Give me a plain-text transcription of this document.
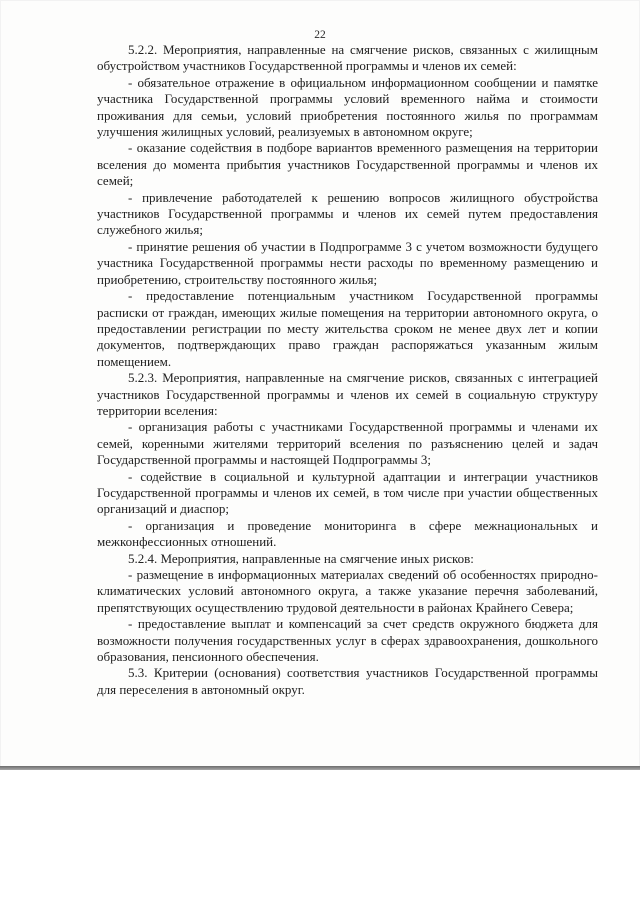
22

5.2.2. Мероприятия, направленные на смягчение рисков, связанных с жилищным обустройством участников Государственной программы и членов их семей:

- обязательное отражение в официальном информационном сообщении и памятке участника Государственной программы условий временного найма и стоимости проживания для семьи, условий приобретения постоянного жилья по программам улучшения жилищных условий, реализуемых в автономном округе;

- оказание содействия в подборе вариантов временного размещения на территории вселения до момента прибытия участников Государственной программы и членов их семей;

- привлечение работодателей к решению вопросов жилищного обустройства участников Государственной программы и членов их семей путем предоставления служебного жилья;

- принятие решения об участии в Подпрограмме 3 с учетом возможности будущего участника Государственной программы нести расходы по временному размещению и приобретению, строительству постоянного жилья;

- предоставление потенциальным участником Государственной программы расписки от граждан, имеющих жилые помещения на территории автономного округа, о предоставлении регистрации по месту жительства сроком не менее двух лет и копии документов, подтверждающих право граждан распоряжаться указанным жилым помещением.

5.2.3. Мероприятия, направленные на смягчение рисков, связанных с интеграцией участников Государственной программы и членов их семей в социальную структуру территории вселения:

- организация работы с участниками Государственной программы и членами их семей, коренными жителями территорий вселения по разъяснению целей и задач Государственной программы и настоящей Подпрограммы 3;

- содействие в социальной и культурной адаптации и интеграции участников Государственной программы и членов их семей, в том числе при участии общественных организаций и диаспор;

- организация и проведение мониторинга в сфере межнациональных и межконфессионных отношений.

5.2.4. Мероприятия, направленные на смягчение иных рисков:

- размещение в информационных материалах сведений об особенностях природно-климатических условий автономного округа, а также указание перечня заболеваний, препятствующих осуществлению трудовой деятельности в районах Крайнего Севера;

- предоставление выплат и компенсаций за счет средств окружного бюджета для возможности получения государственных услуг в сферах здравоохранения, дошкольного образования, пенсионного обеспечения.

5.3. Критерии (основания) соответствия участников Государственной программы для переселения в автономный округ.
